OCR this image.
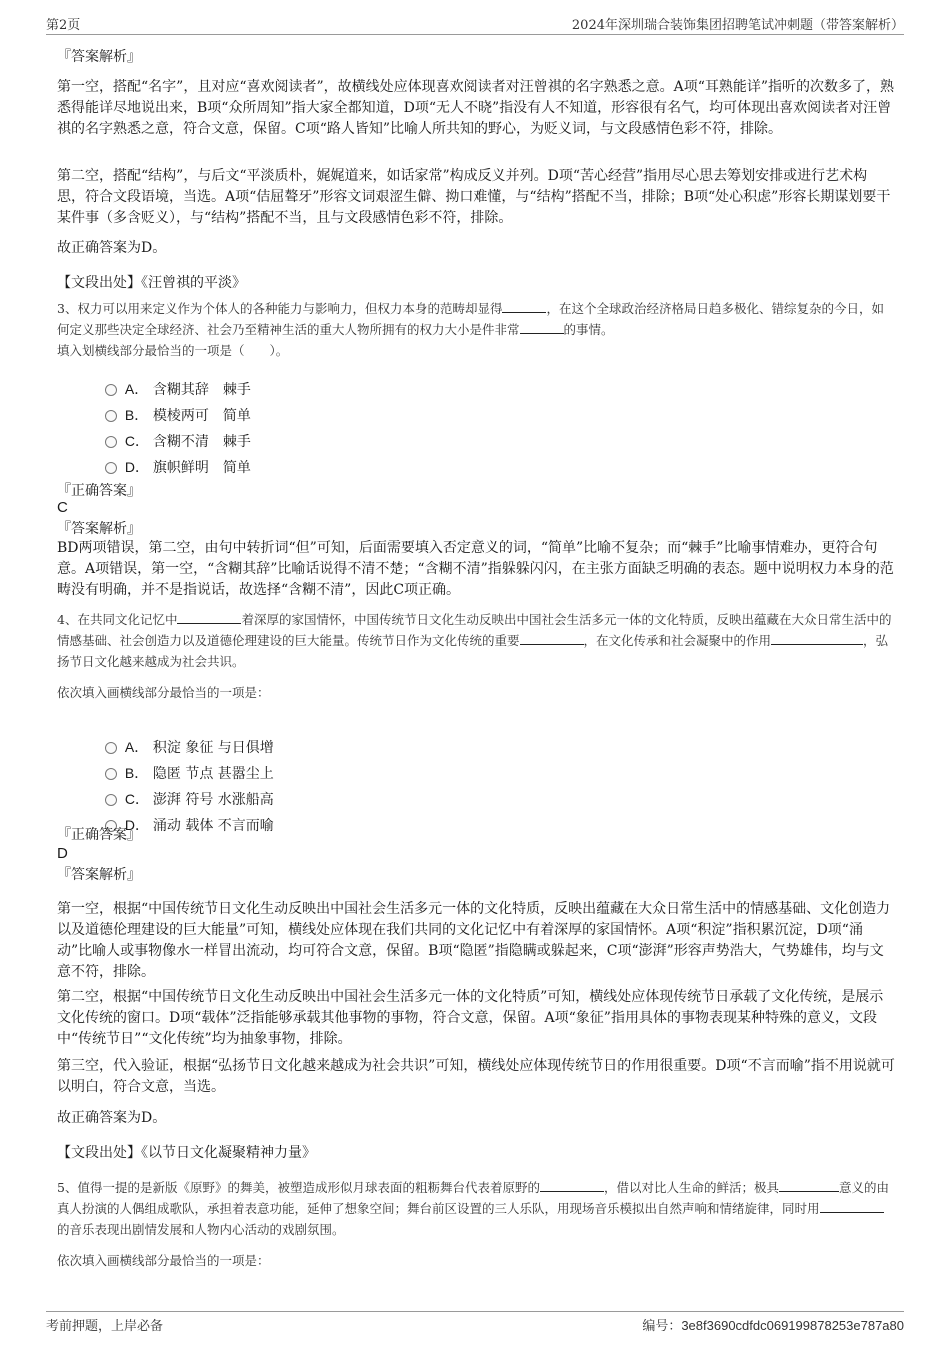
第2页	2024年深圳瑞合装饰集团招聘笔试冲刺题（带答案解析）
『答案解析』
第一空，搭配“名字”，且对应“喜欢阅读者”，故横线处应体现喜欢阅读者对汪曾祺的名字熟悉之意。A项“耳熟能详”指听的次数多了，熟悉得能详尽地说出来，B项“众所周知”指大家全都知道，D项“无人不晓”指没有人不知道，形容很有名气，均可体现出喜欢阅读者对汪曾祺的名字熟悉之意，符合文意，保留。C项“路人皆知”比喻人所共知的野心，为贬义词，与文段感情色彩不符，排除。
第二空，搭配“结构”，与后文“平淡质朴，娓娓道来，如话家常”构成反义并列。D项“苦心经营”指用尽心思去筹划安排或进行艺术构思，符合文段语境，当选。A项“佶屈聱牙”形容文词艰涩生僻、拗口难懂，与“结构”搭配不当，排除；B项“处心积虑”形容长期谋划要干某件事（多含贬义），与“结构”搭配不当，且与文段感情色彩不符，排除。
故正确答案为D。
【文段出处】《汪曾祺的平淡》
3、权力可以用来定义作为个体人的各种能力与影响力，但权力本身的范畴却显得	，在这个全球政治经济格局日趋多极化、错综复杂的今日，如何定义那些决定全球经济、社会乃至精神生活的重大人物所拥有的权力大小是件非常	的事情。
填入划横线部分最恰当的一项是（　　）。

A． 含糊其辞　棘手

B． 模棱两可　简单

C． 含糊不清　棘手

D． 旗帜鲜明　简单

『正确答案』
C
『答案解析』
BD两项错误，第二空，由句中转折词“但”可知，后面需要填入否定意义的词，“简单”比喻不复杂；而“棘手”比喻事情难办，更符合句意。A项错误，第一空，“含糊其辞”比喻话说得不清不楚；“含糊不清”指躲躲闪闪，在主张方面缺乏明确的表态。题中说明权力本身的范畴没有明确，并不是指说话，故选择“含糊不清”，因此C项正确。
4、在共同文化记忆中	着深厚的家国情怀，中国传统节日文化生动反映出中国社会生活多元一体的文化特质，反映出蕴藏在大众日常生活中的情感基础、社会创造力以及道德伦理建设的巨大能量。传统节日作为文化传统的重要	，在文化传承和社会凝聚中的作用	，弘扬节日文化越来越成为社会共识。
依次填入画横线部分最恰当的一项是：

A． 积淀 象征 与日俱增

B． 隐匿 节点 甚嚣尘上

C． 澎湃 符号 水涨船高

D． 涌动 载体 不言而喻

『正确答案』
D
『答案解析』
第一空，根据“中国传统节日文化生动反映出中国社会生活多元一体的文化特质，反映出蕴藏在大众日常生活中的情感基础、文化创造力以及道德伦理建设的巨大能量”可知，横线处应体现在我们共同的文化记忆中有着深厚的家国情怀。A项“积淀”指积累沉淀，D项“涌动”比喻人或事物像水一样冒出流动，均可符合文意，保留。B项“隐匿”指隐瞒或躲起来，C项“澎湃”形容声势浩大，气势雄伟，均与文意不符，排除。
第二空，根据“中国传统节日文化生动反映出中国社会生活多元一体的文化特质”可知，横线处应体现传统节日承载了文化传统，是展示文化传统的窗口。D项“载体”泛指能够承载其他事物的事物，符合文意，保留。A项“象征”指用具体的事物表现某种特殊的意义，文段中“传统节日”“文化传统”均为抽象事物，排除。
第三空，代入验证，根据“弘扬节日文化越来越成为社会共识”可知，横线处应体现传统节日的作用很重要。D项“不言而喻”指不用说就可以明白，符合文意，当选。
故正确答案为D。
【文段出处】《以节日文化凝聚精神力量》
5、值得一提的是新版《原野》的舞美，被塑造成形似月球表面的粗粝舞台代表着原野的	，借以对比人生命的鲜活；极具	意义的由真人扮演的人偶组成歌队，承担着表意功能，延伸了想象空间；舞台前区设置的三人乐队，用现场音乐模拟出自然声响和情绪旋律，同时用的音乐表现出剧情发展和人物内心活动的戏剧氛围。
依次填入画横线部分最恰当的一项是：
考前押题，上岸必备	编号：3e8f3690cdfdc069199878253e787a80
